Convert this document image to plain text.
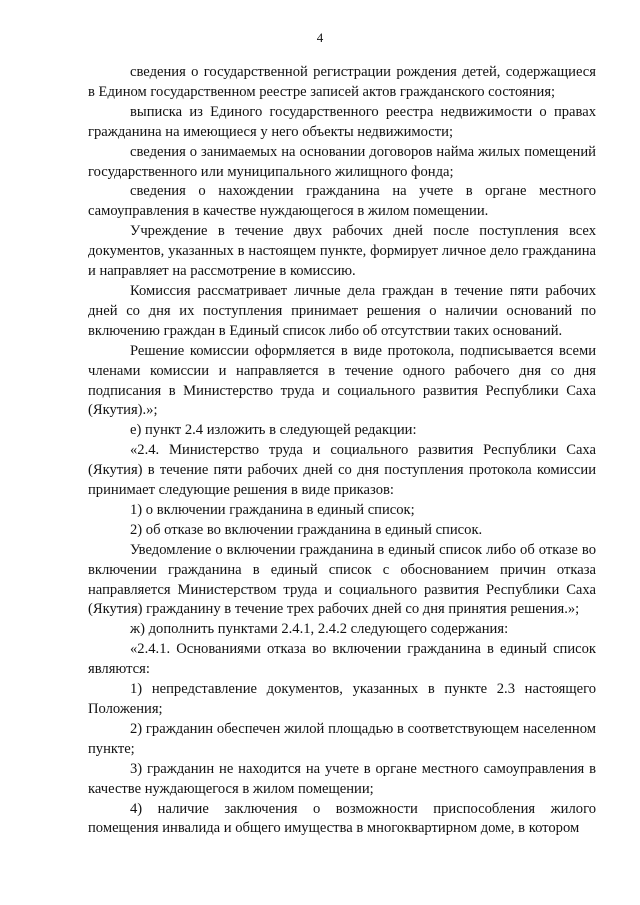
4

сведения о государственной регистрации рождения детей, содержащиеся в Едином государственном реестре записей актов гражданского состояния;

выписка из Единого государственного реестра недвижимости о правах гражданина на имеющиеся у него объекты недвижимости;

сведения о занимаемых на основании договоров найма жилых помещений государственного или муниципального жилищного фонда;

сведения о нахождении гражданина на учете в органе местного самоуправления в качестве нуждающегося в жилом помещении.

Учреждение в течение двух рабочих дней после поступления всех документов, указанных в настоящем пункте, формирует личное дело гражданина и направляет на рассмотрение в комиссию.

Комиссия рассматривает личные дела граждан в течение пяти рабочих дней со дня их поступления принимает решения о наличии оснований по включению граждан в Единый список либо об отсутствии таких оснований.

Решение комиссии оформляется в виде протокола, подписывается всеми членами комиссии и направляется в течение одного рабочего дня со дня подписания в Министерство труда и социального развития Республики Саха (Якутия).»;

е) пункт 2.4 изложить в следующей редакции:

«2.4. Министерство труда и социального развития Республики Саха (Якутия) в течение пяти рабочих дней со дня поступления протокола комиссии принимает следующие решения в виде приказов:

1) о включении гражданина в единый список;

2) об отказе во включении гражданина в единый список.

Уведомление о включении гражданина в единый список либо об отказе во включении гражданина в единый список с обоснованием причин отказа направляется Министерством труда и социального развития Республики Саха (Якутия) гражданину в течение трех рабочих дней со дня принятия решения.»;

ж) дополнить пунктами 2.4.1, 2.4.2 следующего содержания:

«2.4.1. Основаниями отказа во включении гражданина в единый список являются:

1) непредставление документов, указанных в пункте 2.3 настоящего Положения;

2) гражданин обеспечен жилой площадью в соответствующем населенном пункте;

3) гражданин не находится на учете в органе местного самоуправления в качестве нуждающегося в жилом помещении;

4) наличие заключения о возможности приспособления жилого помещения инвалида и общего имущества в многоквартирном доме, в котором
